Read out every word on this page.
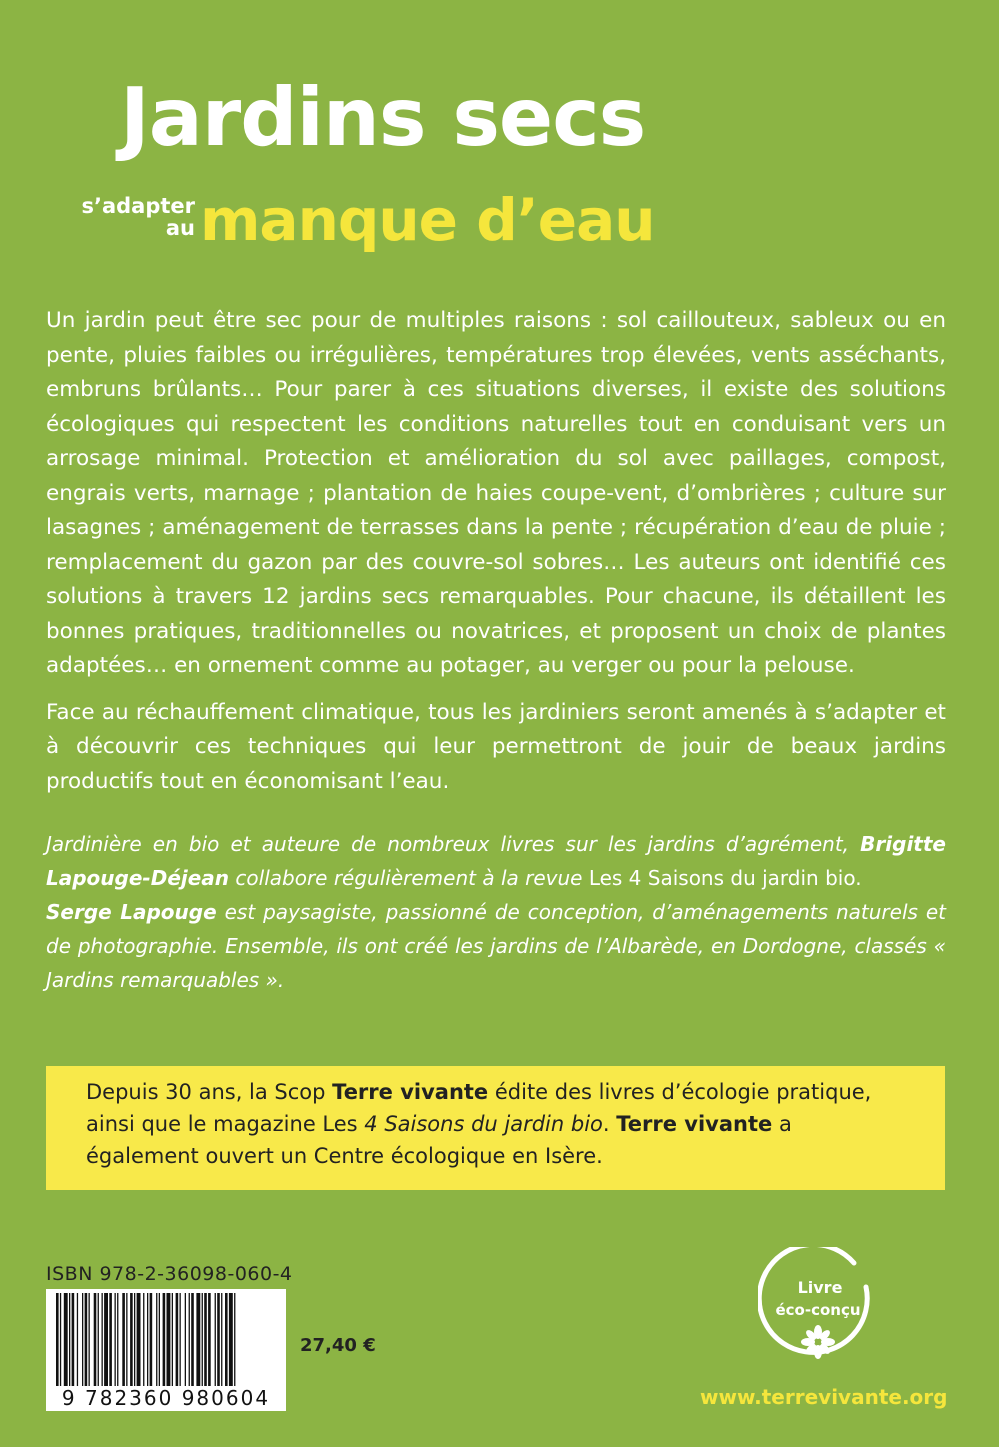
Jardins secs
s’adapter
au manque d’eau

Un jardin peut être sec pour de multiples raisons : sol caillouteux, sableux ou en pente, pluies faibles ou irrégulières, températures trop élevées, vents asséchants, embruns brûlants… Pour parer à ces situations diverses, il existe des solutions écologiques qui respectent les conditions naturelles tout en conduisant vers un arrosage minimal. Protection et amélioration du sol avec paillages, compost, engrais verts, marnage ; plantation de haies coupe-vent, d’ombrières ; culture sur lasagnes ; aménagement de terrasses dans la pente ; récupération d’eau de pluie ; remplacement du gazon par des couvre-sol sobres… Les auteurs ont identifié ces solutions à travers 12 jardins secs remarquables. Pour chacune, ils détaillent les bonnes pratiques, traditionnelles ou novatrices, et proposent un choix de plantes adaptées… en ornement comme au potager, au verger ou pour la pelouse.

Face au réchauffement climatique, tous les jardiniers seront amenés à s’adapter et à découvrir ces techniques qui leur permettront de jouir de beaux jardins productifs tout en économisant l’eau.

Jardinière en bio et auteure de nombreux livres sur les jardins d’agrément, Brigitte Lapouge-Déjean collabore régulièrement à la revue Les 4 Saisons du jardin bio.
Serge Lapouge est paysagiste, passionné de conception, d’aménagements naturels et de photographie. Ensemble, ils ont créé les jardins de l’Albarède, en Dordogne, classés « Jardins remarquables ».
Depuis 30 ans, la Scop Terre vivante édite des livres d’écologie pratique, ainsi que le magazine Les 4 Saisons du jardin bio. Terre vivante a également ouvert un Centre écologique en Isère.
ISBN 978-2-36098-060-4
9 782360 980604
27,40 €
Livre
éco-conçu
www.terrevivante.org
